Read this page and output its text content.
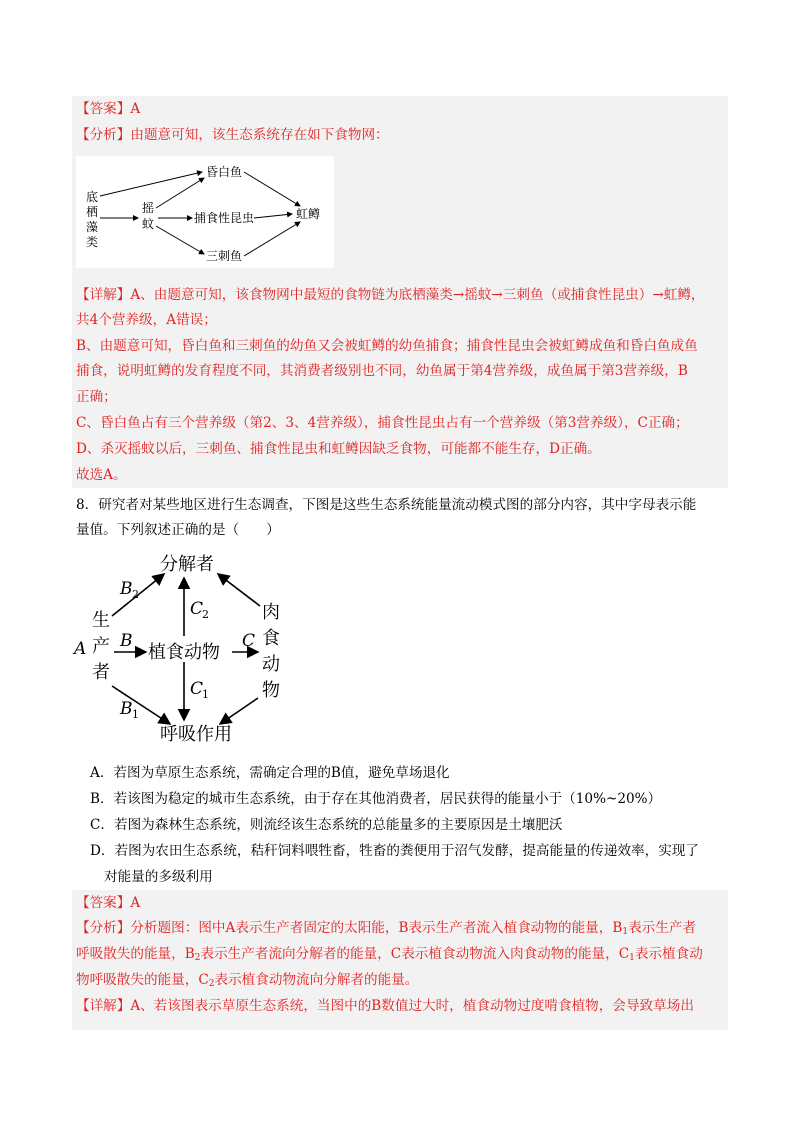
【答案】A
【分析】由题意可知，该生态系统存在如下食物网：
底
栖
藻
类
摇
蚊
昏白鱼
捕食性昆虫
三刺鱼
虹鳟
【详解】A、由题意可知，该食物网中最短的食物链为底栖藻类→摇蚊→三刺鱼（或捕食性昆虫）→虹鳟，
共4个营养级，A错误；
B、由题意可知，昏白鱼和三刺鱼的幼鱼又会被虹鳟的幼鱼捕食；捕食性昆虫会被虹鳟成鱼和昏白鱼成鱼
捕食，说明虹鳟的发育程度不同，其消费者级别也不同，幼鱼属于第4营养级，成鱼属于第3营养级，B
正确；
C、昏白鱼占有三个营养级（第2、3、4营养级），捕食性昆虫占有一个营养级（第3营养级），C正确；
D、杀灭摇蚊以后，三刺鱼、捕食性昆虫和虹鳟因缺乏食物，可能都不能生存，D正确。
故选A。
8．研究者对某些地区进行生态调查，下图是这些生态系统能量流动模式图的部分内容，其中字母表示能
量值。下列叙述正确的是（　　）
分解者
生
产
者
植食动物
肉
食
动
物
呼吸作用
A B	C
B 2
C
2
C
1
B 1
A．若图为草原生态系统，需确定合理的B值，避免草场退化
B．若该图为稳定的城市生态系统，由于存在其他消费者，居民获得的能量小于（10%~20%）
C．若图为森林生态系统，则流经该生态系统的总能量多的主要原因是土壤肥沃
D．若图为农田生态系统，秸秆饲料喂牲畜，牲畜的粪便用于沼气发酵，提高能量的传递效率，实现了
对能量的多级利用
【答案】A
【分析】分析题图：图中A表示生产者固定的太阳能，B表示生产者流入植食动物的能量，$B_1$表示生产者
呼吸散失的能量，$B_2$表示生产者流向分解者的能量，C表示植食动物流入肉食动物的能量，$C_1$表示植食动
物呼吸散失的能量，$C_2$表示植食动物流向分解者的能量。
【详解】A、若该图表示草原生态系统，当图中的B数值过大时，植食动物过度啃食植物，会导致草场出
